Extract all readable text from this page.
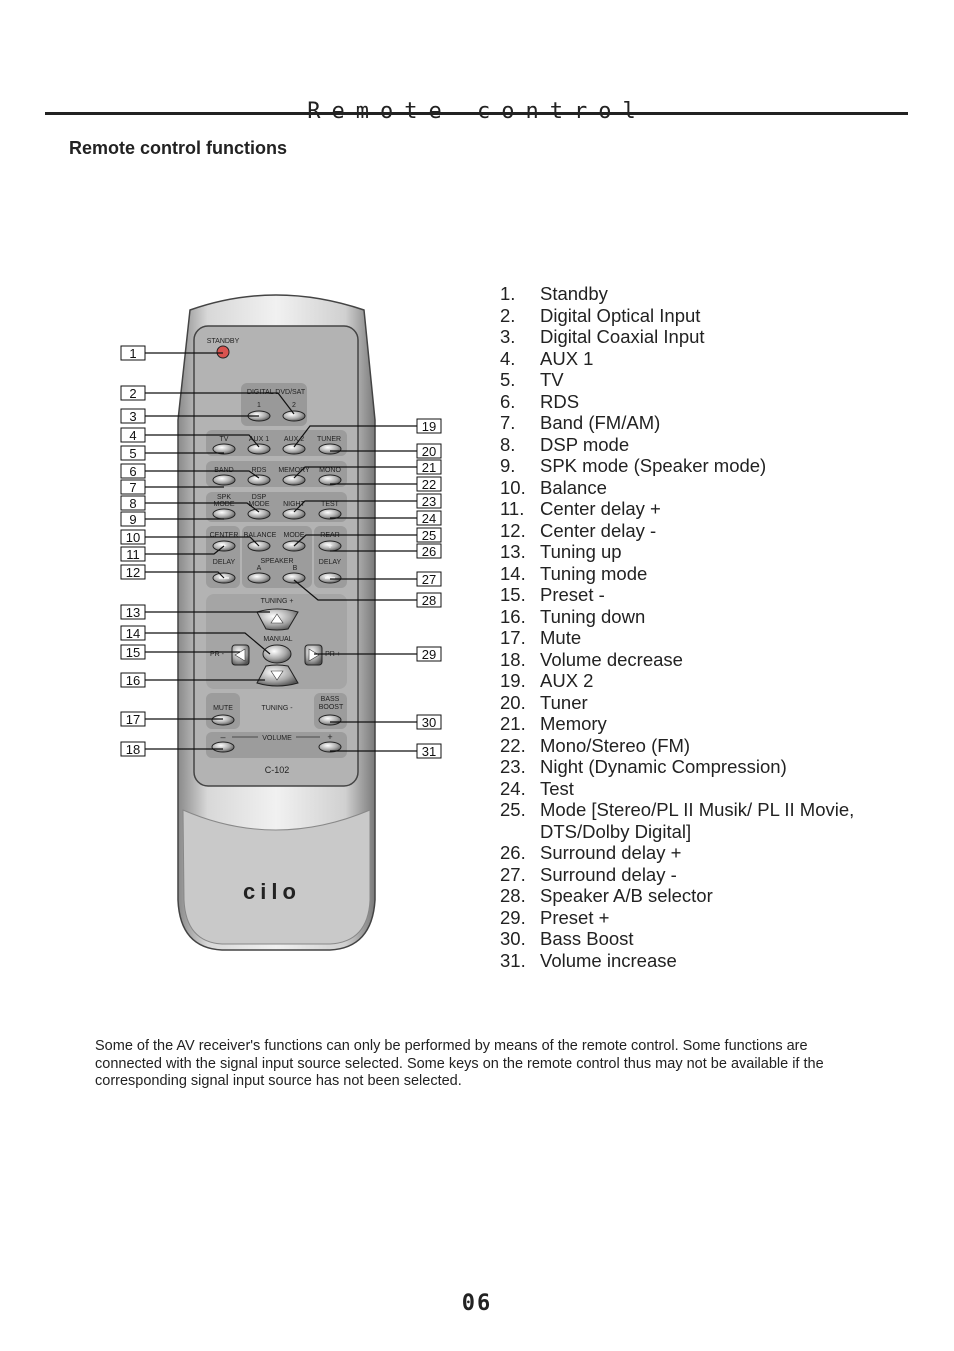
Remote control functions
STANDBY
DIGITAL DVD/SAT
1	2
TV	AUX 1 AUX 2 TUNER
BAND	RDS MEMORY MONO
SPK
MODE
DSP
MODE NIGHT TEST
CENTER BALANCE MODE REAR
DELAY	SPEAKER
A	B
DELAY
TUNING +
MANUAL
PR -	PR +
TUNING -
MUTE
BASS
BOOST
VOLUME
–	+
+	+
C-102
cilo
1
2
3
4
5
6
7
8
9
10
11
12
13
14
15
16
17
18
19
20
21
22
23
24
25
26
27
28
29
30
31
1. Standby
2. Digital Optical Input
3. Digital Coaxial Input
4. AUX 1
5. TV
6. RDS
7. Band (FM/AM)
8. DSP mode
9. SPK mode (Speaker mode)
10. Balance
11. Center delay +
12. Center delay -
13. Tuning up
14. Tuning mode
15. Preset -
16. Tuning down
17. Mute
18. Volume decrease
19. AUX 2
20. Tuner
21. Memory
22. Mono/Stereo (FM)
23. Night (Dynamic Compression)
24. Test
25. Mode [Stereo/PL II Musik/ PL II Movie,
DTS/Dolby Digital]
26. Surround delay +
27. Surround delay -
28. Speaker A/B selector
29. Preset +
30. Bass Boost
31. Volume increase

Some of the AV receiver's functions can only be performed by means of the remote control. Some functions are connected with the signal input source selected. Some keys on the remote control thus may not be available if the corresponding signal input source has not been selected.

06
